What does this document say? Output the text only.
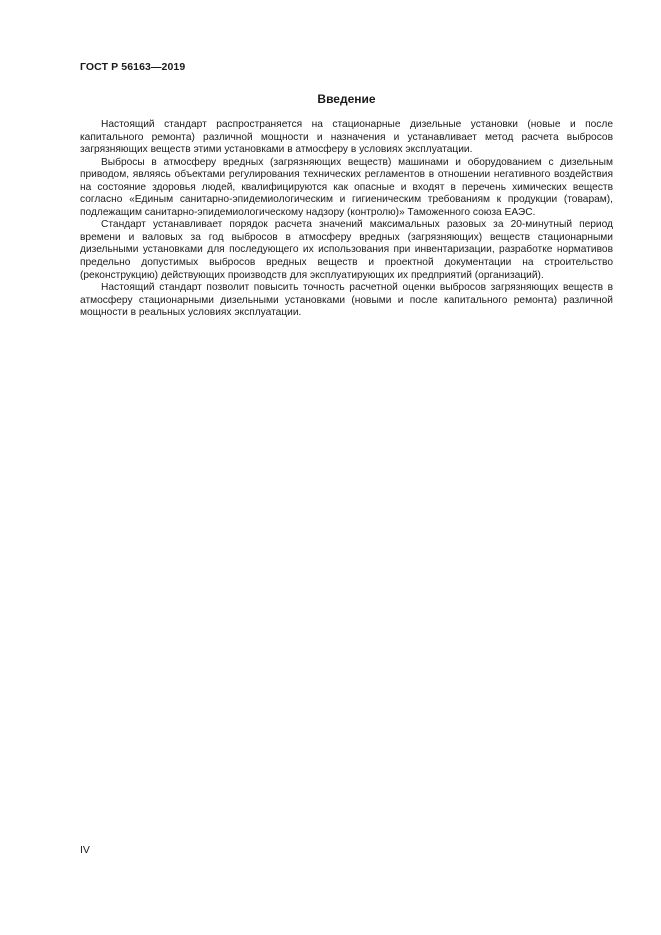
ГОСТ Р 56163—2019
Введение

Настоящий стандарт распространяется на стационарные дизельные установки (новые и после капитального ремонта) различной мощности и назначения и устанавливает метод расчета выбросов загрязняющих веществ этими установками в атмосферу в условиях эксплуатации.

Выбросы в атмосферу вредных (загрязняющих веществ) машинами и оборудованием с дизельным приводом, являясь объектами регулирования технических регламентов в отношении негативного воздействия на состояние здоровья людей, квалифицируются как опасные и входят в перечень химических веществ согласно «Единым санитарно-эпидемиологическим и гигиеническим требованиям к продукции (товарам), подлежащим санитарно-эпидемиологическому надзору (контролю)» Таможенного союза ЕАЭС.

Стандарт устанавливает порядок расчета значений максимальных разовых за 20-минутный период времени и валовых за год выбросов в атмосферу вредных (загрязняющих) веществ стационарными дизельными установками для последующего их использования при инвентаризации, разработке нормативов предельно допустимых выбросов вредных веществ и проектной документации на строительство (реконструкцию) действующих производств для эксплуатирующих их предприятий (организаций).

Настоящий стандарт позволит повысить точность расчетной оценки выбросов загрязняющих веществ в атмосферу стационарными дизельными установками (новыми и после капитального ремонта) различной мощности в реальных условиях эксплуатации.

IV
